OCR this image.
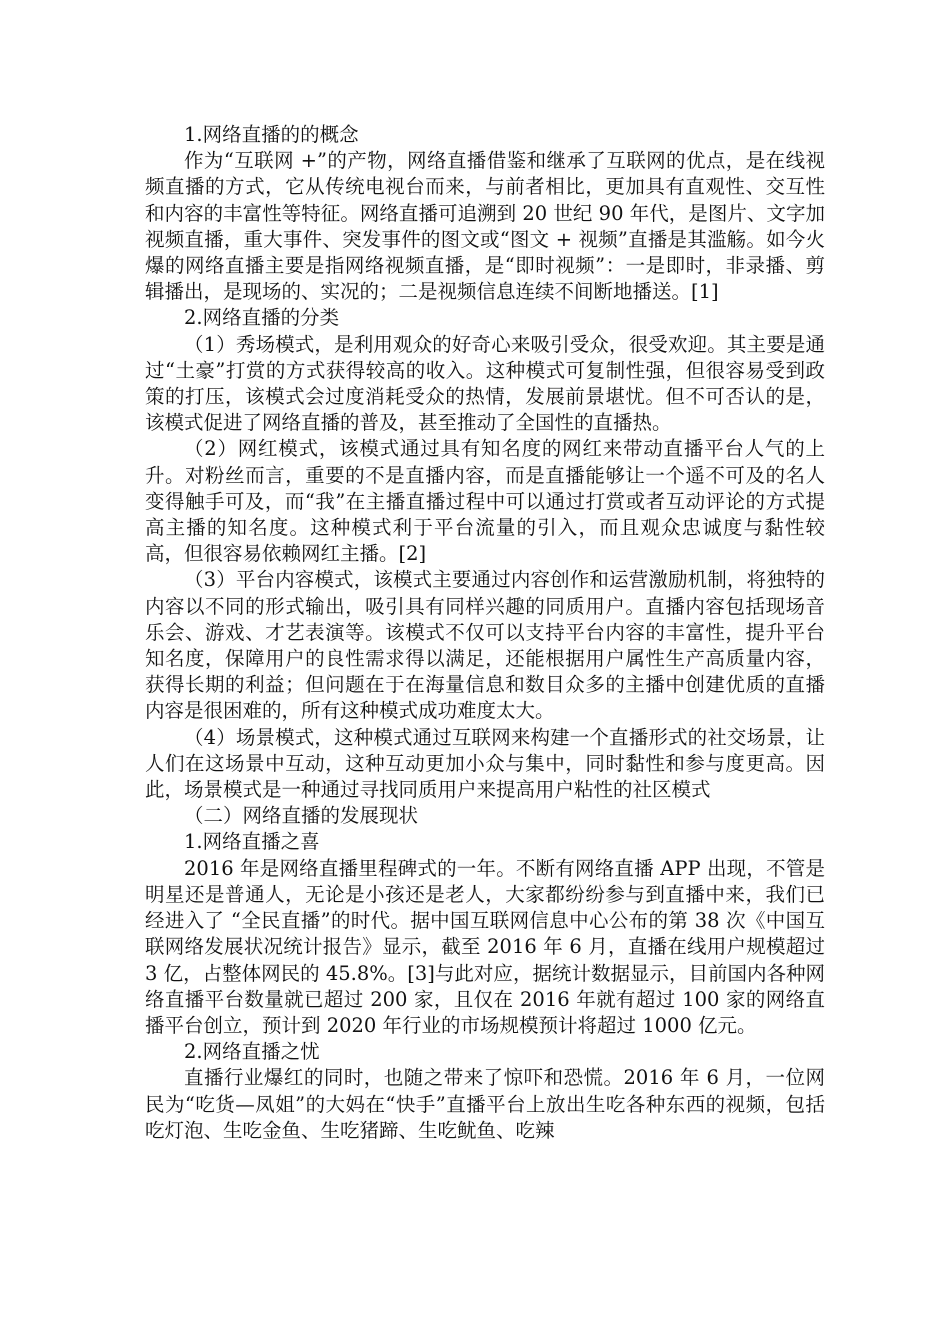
1.网络直播的的概念

作为“互联网 +”的产物，网络直播借鉴和继承了互联网的优点，是在线视频直播的方式，它从传统电视台而来，与前者相比，更加具有直观性、交互性和内容的丰富性等特征。网络直播可追溯到 20 世纪 90 年代，是图片、文字加视频直播，重大事件、突发事件的图文或“图文 + 视频”直播是其滥觞。如今火爆的网络直播主要是指网络视频直播，是“即时视频”：一是即时，非录播、剪辑播出，是现场的、实况的；二是视频信息连续不间断地播送。[1]

2.网络直播的分类

（1）秀场模式，是利用观众的好奇心来吸引受众，很受欢迎。其主要是通过“土豪”打赏的方式获得较高的收入。这种模式可复制性强，但很容易受到政策的打压，该模式会过度消耗受众的热情，发展前景堪忧。但不可否认的是，该模式促进了网络直播的普及，甚至推动了全国性的直播热。

（2）网红模式，该模式通过具有知名度的网红来带动直播平台人气的上升。对粉丝而言，重要的不是直播内容，而是直播能够让一个遥不可及的名人变得触手可及，而“我”在主播直播过程中可以通过打赏或者互动评论的方式提高主播的知名度。这种模式利于平台流量的引入，而且观众忠诚度与黏性较高，但很容易依赖网红主播。[2]

（3）平台内容模式，该模式主要通过内容创作和运营激励机制，将独特的内容以不同的形式输出，吸引具有同样兴趣的同质用户。直播内容包括现场音乐会、游戏、才艺表演等。该模式不仅可以支持平台内容的丰富性，提升平台知名度，保障用户的良性需求得以满足，还能根据用户属性生产高质量内容，获得长期的利益；但问题在于在海量信息和数目众多的主播中创建优质的直播内容是很困难的，所有这种模式成功难度太大。

（4）场景模式，这种模式通过互联网来构建一个直播形式的社交场景，让人们在这场景中互动，这种互动更加小众与集中，同时黏性和参与度更高。因此，场景模式是一种通过寻找同质用户来提高用户粘性的社区模式

（二）网络直播的发展现状

1.网络直播之喜

2016 年是网络直播里程碑式的一年。不断有网络直播 APP 出现，不管是明星还是普通人，无论是小孩还是老人，大家都纷纷参与到直播中来，我们已经进入了 “全民直播”的时代。据中国互联网信息中心公布的第 38 次《中国互联网络发展状况统计报告》显示，截至 2016 年 6 月，直播在线用户规模超过 3 亿，占整体网民的 45.8%。[3]与此对应，据统计数据显示，目前国内各种网络直播平台数量就已超过 200 家，且仅在 2016 年就有超过 100 家的网络直播平台创立，预计到 2020 年行业的市场规模预计将超过 1000 亿元。

2.网络直播之忧

直播行业爆红的同时，也随之带来了惊吓和恐慌。2016 年 6 月，一位网民为“吃货—凤姐”的大妈在“快手”直播平台上放出生吃各种东西的视频，包括吃灯泡、生吃金鱼、生吃猪蹄、生吃鱿鱼、吃辣
